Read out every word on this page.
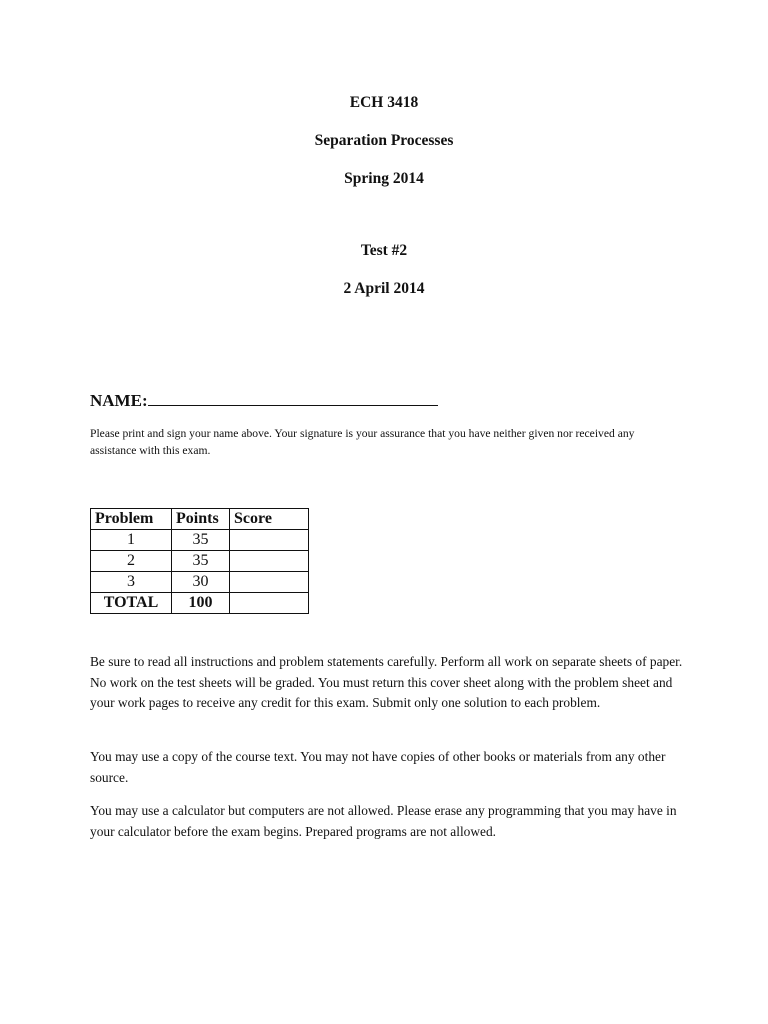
ECH 3418
Separation Processes
Spring 2014
Test #2
2 April 2014
NAME:
Please print and sign your name above. Your signature is your assurance that you have neither given nor received any assistance with this exam.
Problem	Points	Score
1	35	
2	35	
3	30	
TOTAL	100	
Be sure to read all instructions and problem statements carefully. Perform all work on separate sheets of paper. No work on the test sheets will be graded. You must return this cover sheet along with the problem sheet and your work pages to receive any credit for this exam. Submit only one solution to each problem.
You may use a copy of the course text. You may not have copies of other books or materials from any other source.
You may use a calculator but computers are not allowed. Please erase any programming that you may have in your calculator before the exam begins. Prepared programs are not allowed.
